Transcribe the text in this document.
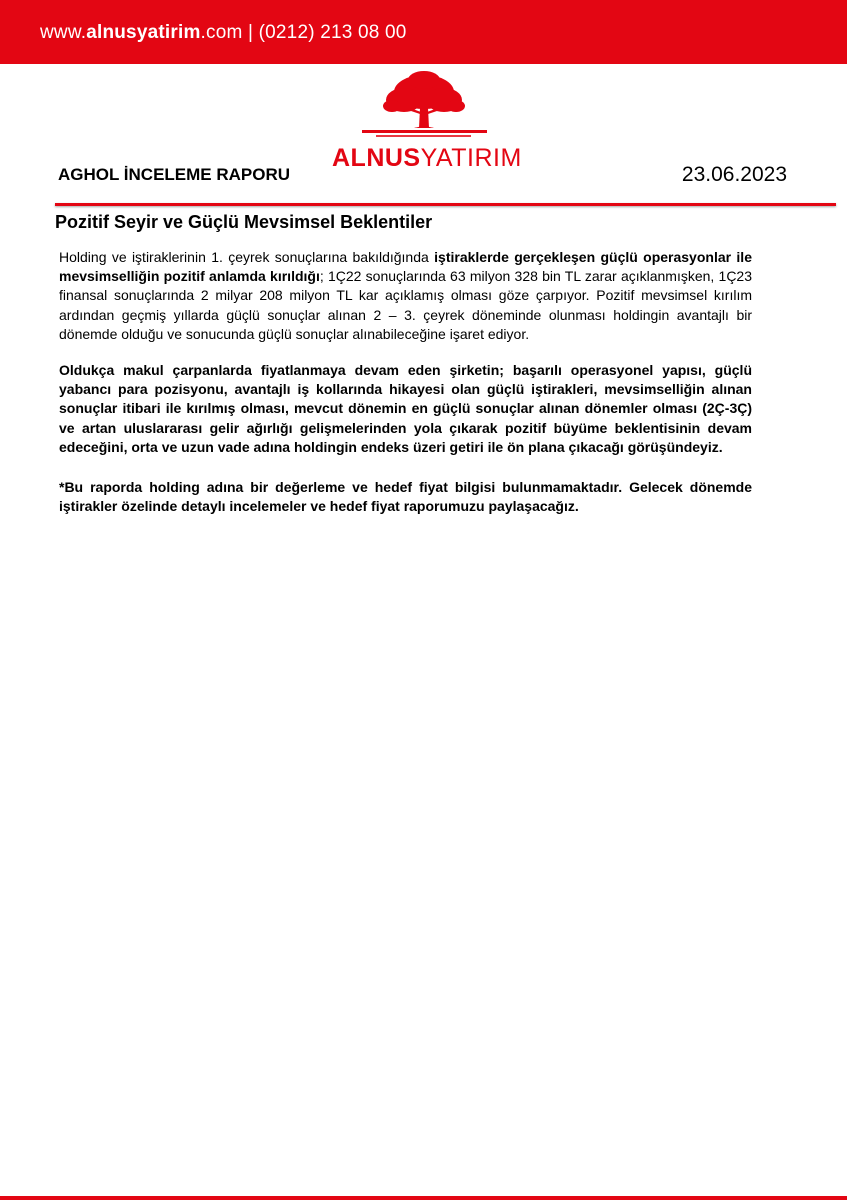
www.alnusyatirim.com | (0212) 213 08 00
ALNUSYATIRIM
AGHOL İNCELEME RAPORU	23.06.2023
Pozitif Seyir ve Güçlü Mevsimsel Beklentiler
Holding ve iştiraklerinin 1. çeyrek sonuçlarına bakıldığında iştiraklerde gerçekleşen güçlü operasyonlar ile mevsimselliğin pozitif anlamda kırıldığı; 1Ç22 sonuçlarında 63 milyon 328 bin TL zarar açıklanmışken, 1Ç23 finansal sonuçlarında 2 milyar 208 milyon TL kar açıklamış olması göze çarpıyor. Pozitif mevsimsel kırılım ardından geçmiş yıllarda güçlü sonuçlar alınan 2 – 3. çeyrek döneminde olunması holdingin avantajlı bir dönemde olduğu ve sonucunda güçlü sonuçlar alınabileceğine işaret ediyor.
Oldukça makul çarpanlarda fiyatlanmaya devam eden şirketin; başarılı operasyonel yapısı, güçlü yabancı para pozisyonu, avantajlı iş kollarında hikayesi olan güçlü iştirakleri, mevsimselliğin alınan sonuçlar itibari ile kırılmış olması, mevcut dönemin en güçlü sonuçlar alınan dönemler olması (2Ç-3Ç) ve artan uluslararası gelir ağırlığı gelişmelerinden yola çıkarak pozitif büyüme beklentisinin devam edeceğini, orta ve uzun vade adına holdingin endeks üzeri getiri ile ön plana çıkacağı görüşündeyiz.
*Bu raporda holding adına bir değerleme ve hedef fiyat bilgisi bulunmamaktadır. Gelecek dönemde iştirakler özelinde detaylı incelemeler ve hedef fiyat raporumuzu paylaşacağız.
